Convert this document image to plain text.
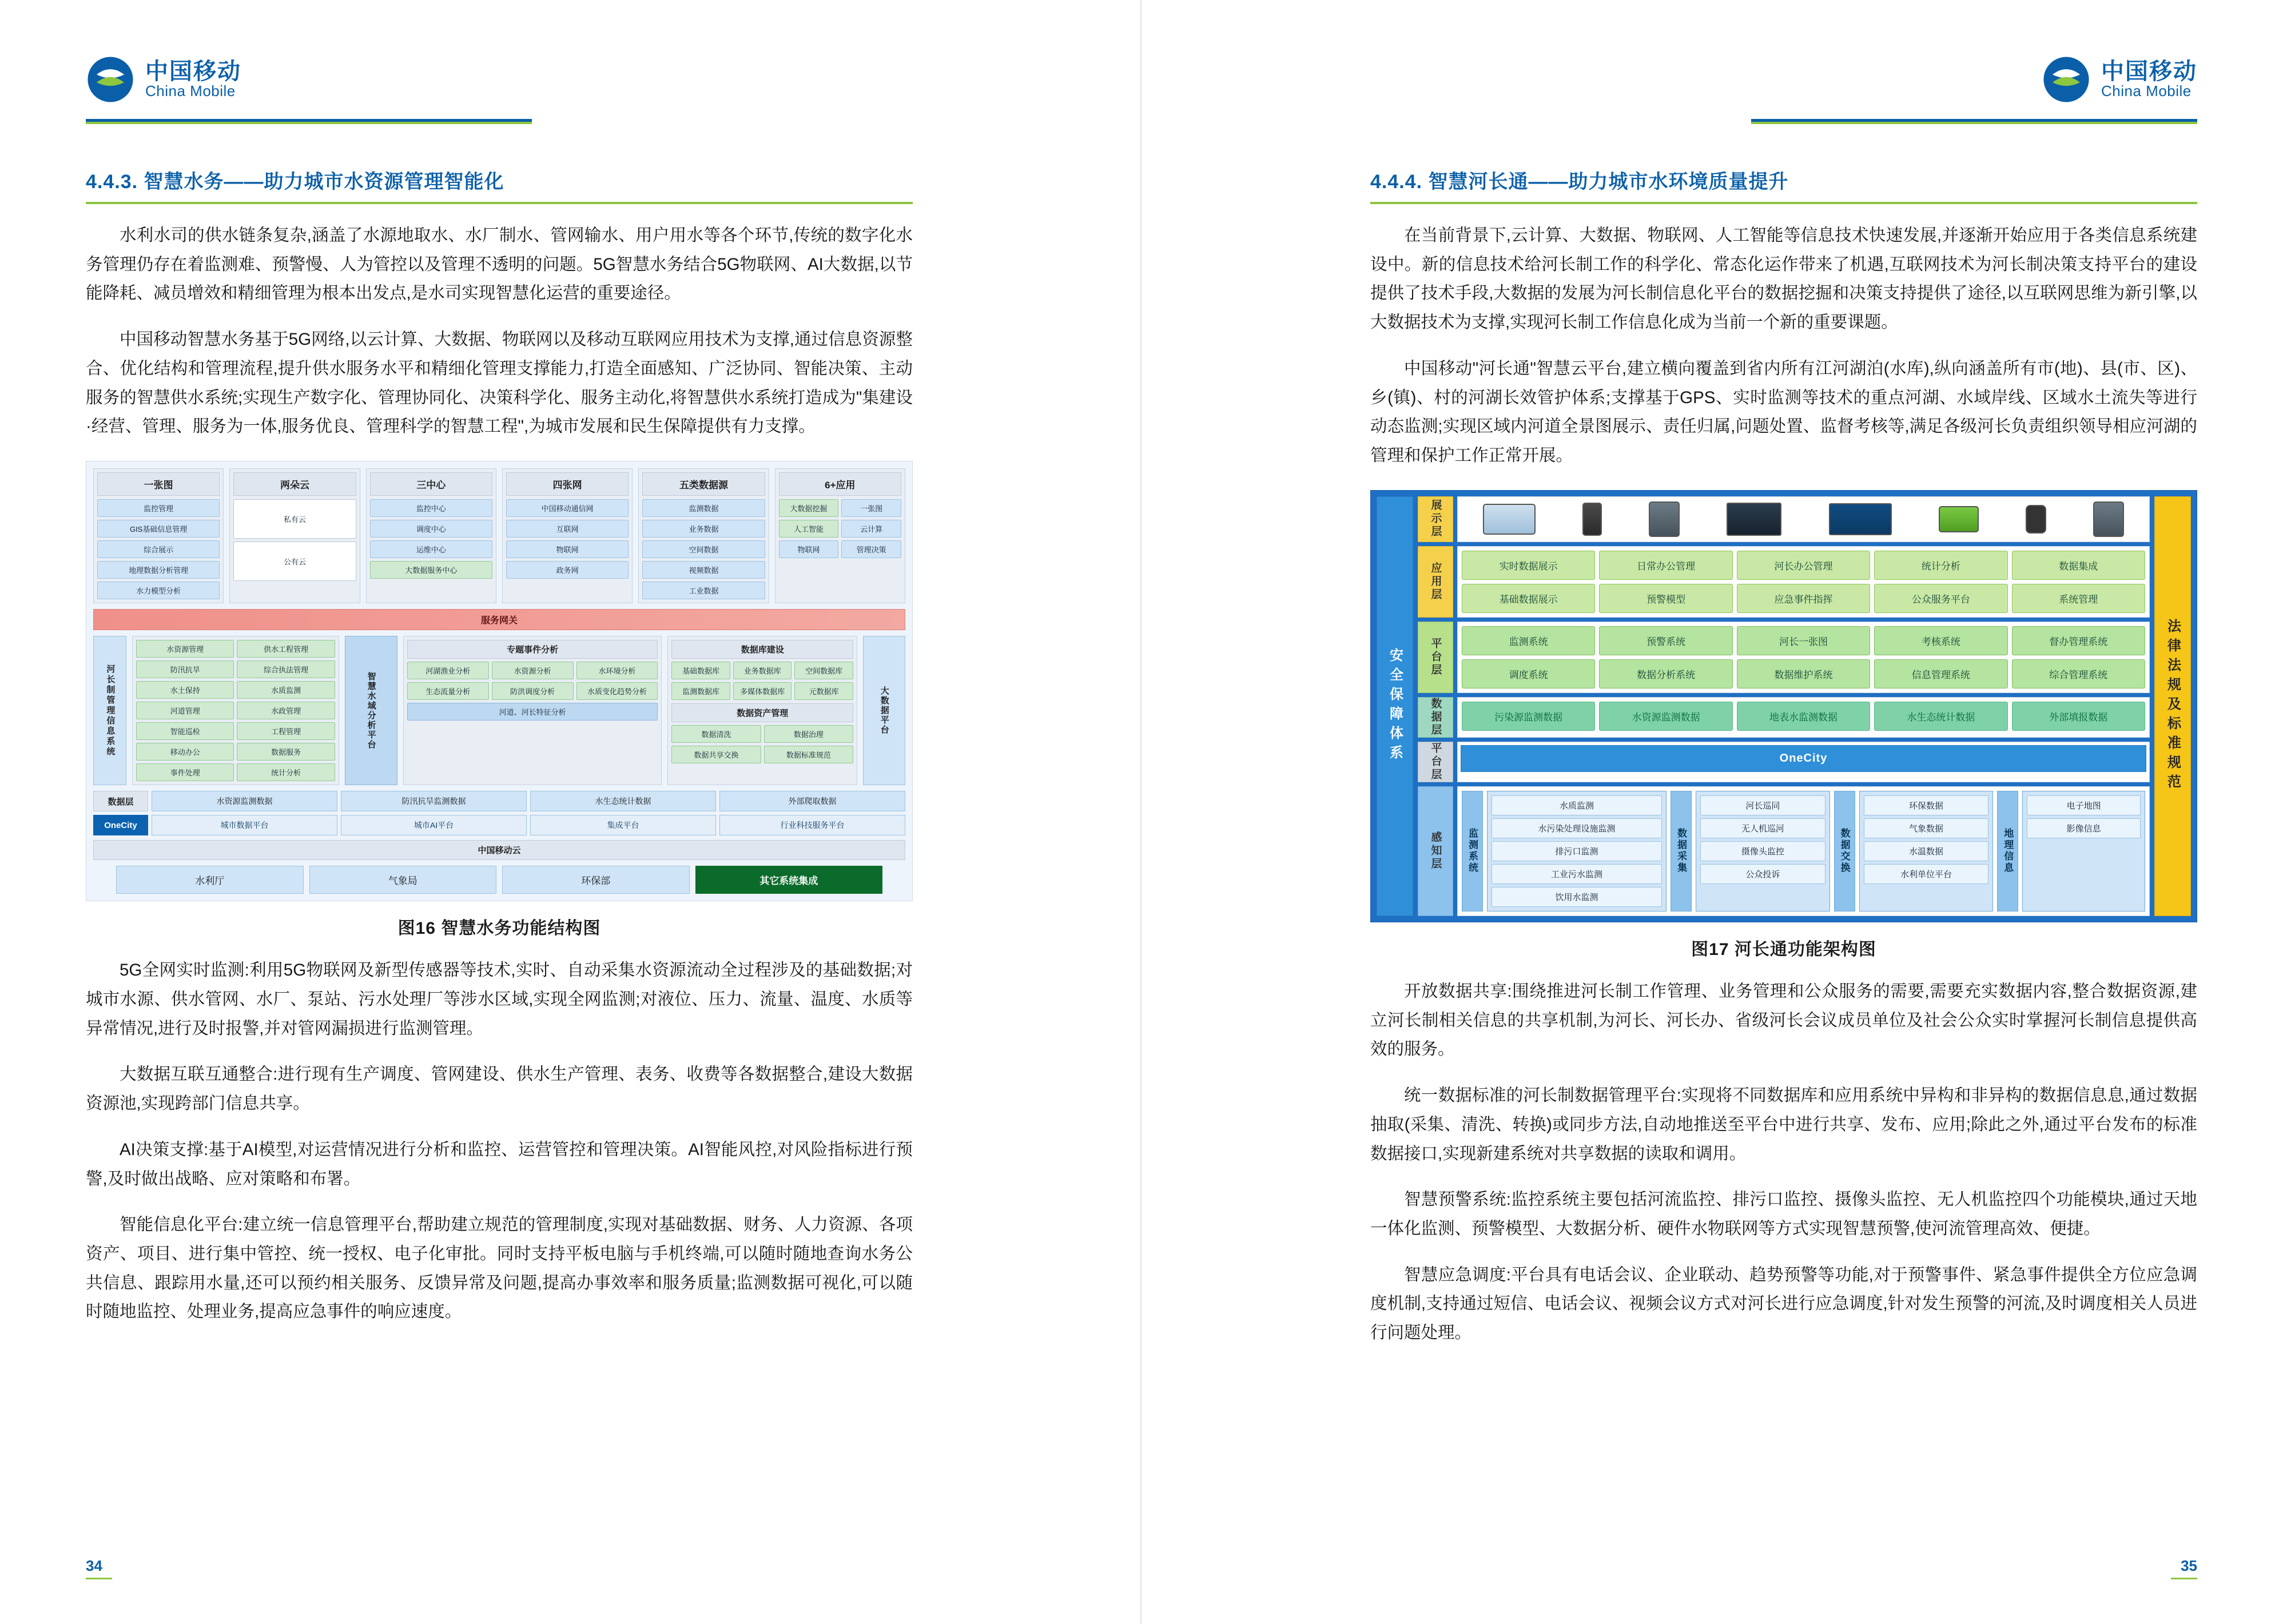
中国移动
China Mobile
4.4.3. 智慧水务——助力城市水资源管理智能化

水利水司的供水链条复杂,涵盖了水源地取水、水厂制水、管网输水、用户用水等各个环节,传统的数字化水务管理仍存在着监测难、预警慢、人为管控以及管理不透明的问题。5G智慧水务结合5G物联网、AI大数据,以节能降耗、减员增效和精细管理为根本出发点,是水司实现智慧化运营的重要途径。

中国移动智慧水务基于5G网络,以云计算、大数据、物联网以及移动互联网应用技术为支撑,通过信息资源整合、优化结构和管理流程,提升供水服务水平和精细化管理支撑能力,打造全面感知、广泛协同、智能决策、主动服务的智慧供水系统;实现生产数字化、管理协同化、决策科学化、服务主动化,将智慧供水系统打造成为"集建设·经营、管理、服务为一体,服务优良、管理科学的智慧工程",为城市发展和民生保障提供有力支撑。

一张图
监控管理
GIS基础信息管理
综合展示
地理数据分析管理
水力模型分析
两朵云
私有云
公有云
三中心
监控中心
调度中心
运维中心
大数据服务中心
四张网
中国移动通信网
互联网
物联网
政务网
五类数据源
监测数据
业务数据
空间数据
视频数据
工业数据
6+应用
大数据挖掘	一张图
人工智能	云计算
物联网	管理决策
服务网关
河长制管理信息系统
水资源管理	供水工程管理
防汛抗旱	综合执法管理
水土保持	水质监测
河道管理	水政管理
智能巡检	工程管理
移动办公	数据服务
事件处理	统计分析
智慧水域分析平台
专题事件分析
河湖渔业分析	水资源分析	水环境分析
生态流量分析	防洪调度分析	水质变化趋势分析
河道、河长特征分析
数据库建设
基础数据库	业务数据库	空间数据库
监测数据库	多媒体数据库	元数据库
数据资产管理
数据清洗	数据治理
数据共享交换	数据标准规范
大数据平台
数据层	水资源监测数据	防汛抗旱监测数据	水生态统计数据	外部爬取数据
OneCity	城市数据平台	城市AI平台	集成平台	行业科技服务平台
中国移动云
水利厅	气象局	环保部	其它系统集成
图16 智慧水务功能结构图

5G全网实时监测:利用5G物联网及新型传感器等技术,实时、自动采集水资源流动全过程涉及的基础数据;对城市水源、供水管网、水厂、泵站、污水处理厂等涉水区域,实现全网监测;对液位、压力、流量、温度、水质等异常情况,进行及时报警,并对管网漏损进行监测管理。

大数据互联互通整合:进行现有生产调度、管网建设、供水生产管理、表务、收费等各数据整合,建设大数据资源池,实现跨部门信息共享。

AI决策支撑:基于AI模型,对运营情况进行分析和监控、运营管控和管理决策。AI智能风控,对风险指标进行预警,及时做出战略、应对策略和布署。

智能信息化平台:建立统一信息管理平台,帮助建立规范的管理制度,实现对基础数据、财务、人力资源、各项资产、项目、进行集中管控、统一授权、电子化审批。同时支持平板电脑与手机终端,可以随时随地查询水务公共信息、跟踪用水量,还可以预约相关服务、反馈异常及问题,提高办事效率和服务质量;监测数据可视化,可以随时随地监控、处理业务,提高应急事件的响应速度。

34
中国移动
China Mobile
4.4.4. 智慧河长通——助力城市水环境质量提升

在当前背景下,云计算、大数据、物联网、人工智能等信息技术快速发展,并逐渐开始应用于各类信息系统建设中。新的信息技术给河长制工作的科学化、常态化运作带来了机遇,互联网技术为河长制决策支持平台的建设提供了技术手段,大数据的发展为河长制信息化平台的数据挖掘和决策支持提供了途径,以互联网思维为新引擎,以大数据技术为支撑,实现河长制工作信息化成为当前一个新的重要课题。

中国移动"河长通"智慧云平台,建立横向覆盖到省内所有江河湖泊(水库),纵向涵盖所有市(地)、县(市、区)、乡(镇)、村的河湖长效管护体系;支撑基于GPS、实时监测等技术的重点河湖、水域岸线、区域水土流失等进行动态监测;实现区域内河道全景图展示、责任归属,问题处置、监督考核等,满足各级河长负责组织领导相应河湖的管理和保护工作正常开展。

安全保障体系
展示层
应用层	实时数据展示	日常办公管理	河长办公管理	统计分析	数据集成
基础数据展示	预警模型	应急事件指挥	公众服务平台	系统管理
平台层	监测系统	预警系统	河长一张图	考核系统	督办管理系统
调度系统	数据分析系统	数据维护系统	信息管理系统	综合管理系统
数据层	污染源监测数据	水资源监测数据	地表水监测数据	水生态统计数据	外部填报数据
平台层	OneCity
感知层	监测系统
水质监测
水污染处理设施监测
排污口监测
工业污水监测
饮用水监测
数据采集
河长巡同
无人机巡河
摄像头监控
公众投诉
数据交换
环保数据
气象数据
水温数据
水利单位平台
地理信息
电子地图
影像信息
法律法规及标准规范
图17 河长通功能架构图

开放数据共享:围绕推进河长制工作管理、业务管理和公众服务的需要,需要充实数据内容,整合数据资源,建立河长制相关信息的共享机制,为河长、河长办、省级河长会议成员单位及社会公众实时掌握河长制信息提供高效的服务。

统一数据标准的河长制数据管理平台:实现将不同数据库和应用系统中异构和非异构的数据信息息,通过数据抽取(采集、清洗、转换)或同步方法,自动地推送至平台中进行共享、发布、应用;除此之外,通过平台发布的标准数据接口,实现新建系统对共享数据的读取和调用。

智慧预警系统:监控系统主要包括河流监控、排污口监控、摄像头监控、无人机监控四个功能模块,通过天地一体化监测、预警模型、大数据分析、硬件水物联网等方式实现智慧预警,使河流管理高效、便捷。

智慧应急调度:平台具有电话会议、企业联动、趋势预警等功能,对于预警事件、紧急事件提供全方位应急调度机制,支持通过短信、电话会议、视频会议方式对河长进行应急调度,针对发生预警的河流,及时调度相关人员进行问题处理。

35
